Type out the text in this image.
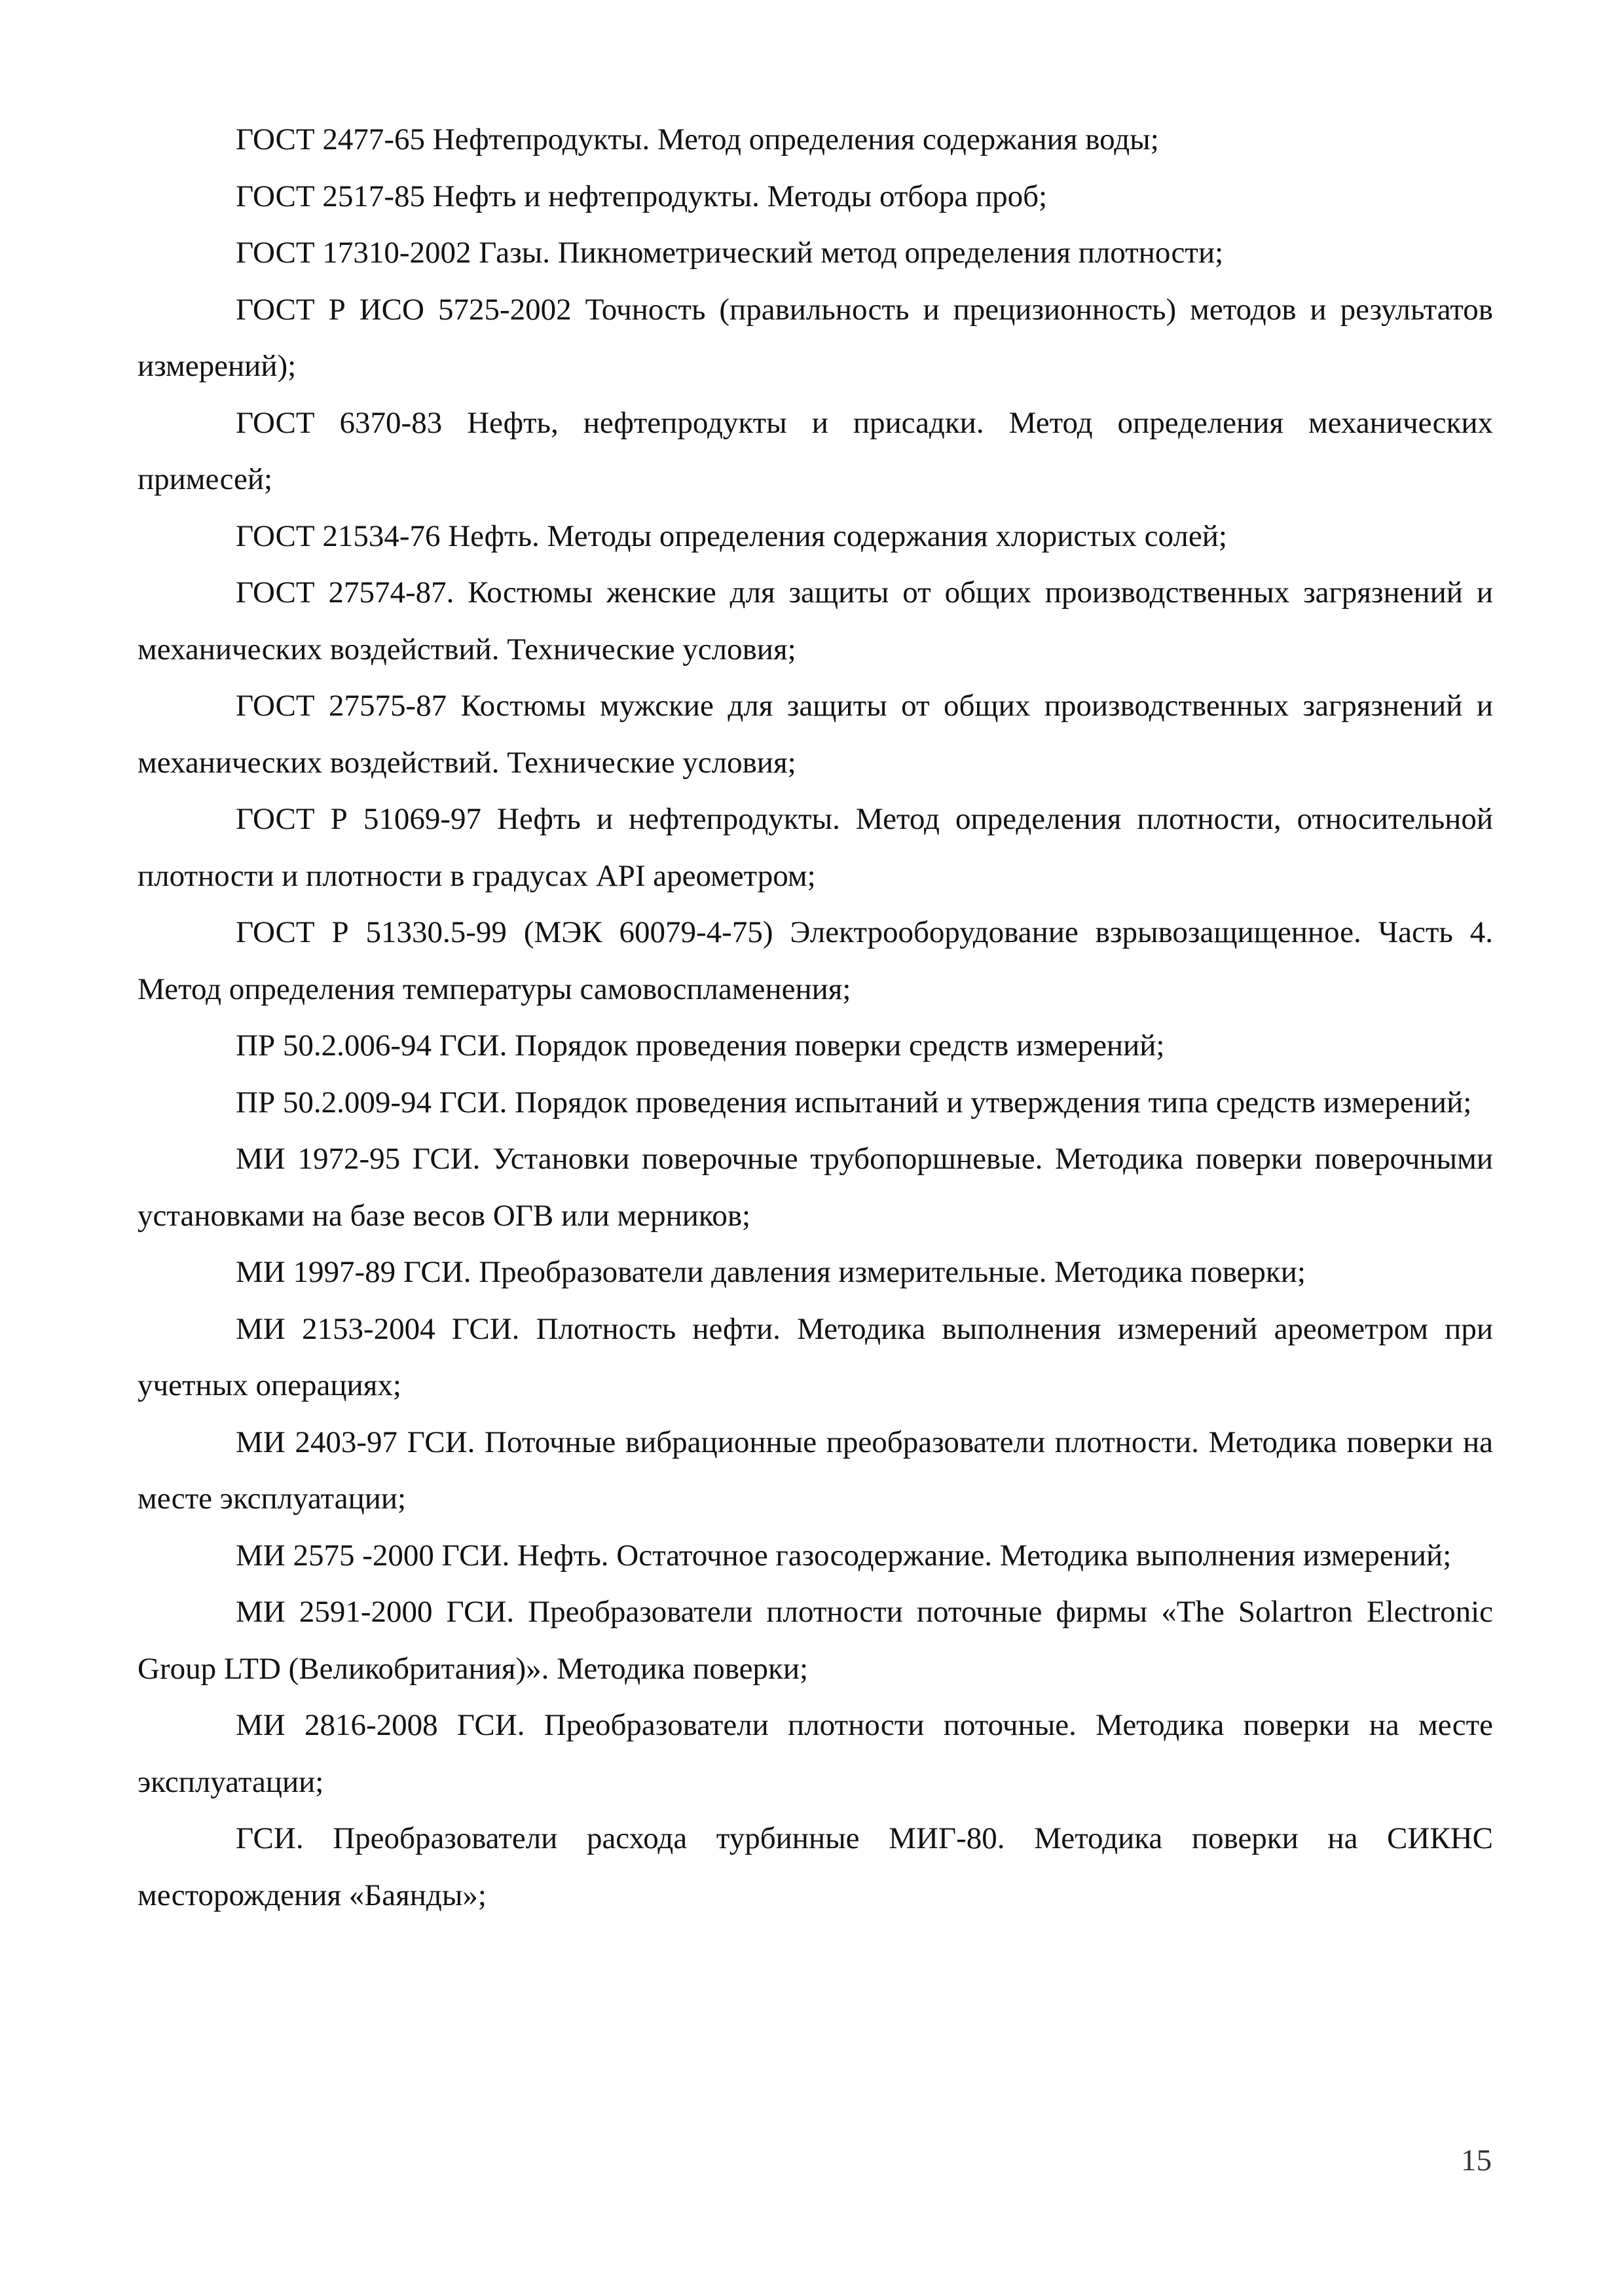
ГОСТ 2477-65 Нефтепродукты. Метод определения содержания воды;

ГОСТ 2517-85 Нефть и нефтепродукты. Методы отбора проб;

ГОСТ 17310-2002 Газы. Пикнометрический метод определения плотности;

ГОСТ Р ИСО 5725-2002 Точность (правильность и прецизионность) методов и результатов измерений);

ГОСТ 6370-83 Нефть, нефтепродукты и присадки. Метод определения механических примесей;

ГОСТ 21534-76 Нефть. Методы определения содержания хлористых солей;

ГОСТ 27574-87. Костюмы женские для защиты от общих производственных загрязнений и механических воздействий. Технические условия;

ГОСТ 27575-87 Костюмы мужские для защиты от общих производственных загрязнений и механических воздействий. Технические условия;

ГОСТ Р 51069-97 Нефть и нефтепродукты. Метод определения плотности, относительной плотности и плотности в градусах API ареометром;

ГОСТ Р 51330.5-99 (МЭК 60079-4-75) Электрооборудование взрывозащищенное. Часть 4. Метод определения температуры самовоспламенения;

ПР 50.2.006-94 ГСИ. Порядок проведения поверки средств измерений;

ПР 50.2.009-94 ГСИ. Порядок проведения испытаний и утверждения типа средств измерений;

МИ 1972-95 ГСИ. Установки поверочные трубопоршневые. Методика поверки поверочными установками на базе весов ОГВ или мерников;

МИ 1997-89 ГСИ. Преобразователи давления измерительные. Методика поверки;

МИ 2153-2004 ГСИ. Плотность нефти. Методика выполнения измерений ареометром при учетных операциях;

МИ 2403-97 ГСИ. Поточные вибрационные преобразователи плотности. Методика поверки на месте эксплуатации;

МИ 2575 -2000 ГСИ. Нефть. Остаточное газосодержание. Методика выполнения измерений;

МИ 2591-2000 ГСИ. Преобразователи плотности поточные фирмы «The Solartron Electronic Group LTD (Великобритания)». Методика поверки;

МИ 2816-2008 ГСИ. Преобразователи плотности поточные. Методика поверки на месте эксплуатации;

ГСИ. Преобразователи расхода турбинные МИГ-80. Методика поверки на СИКНС месторождения «Баянды»;

15
